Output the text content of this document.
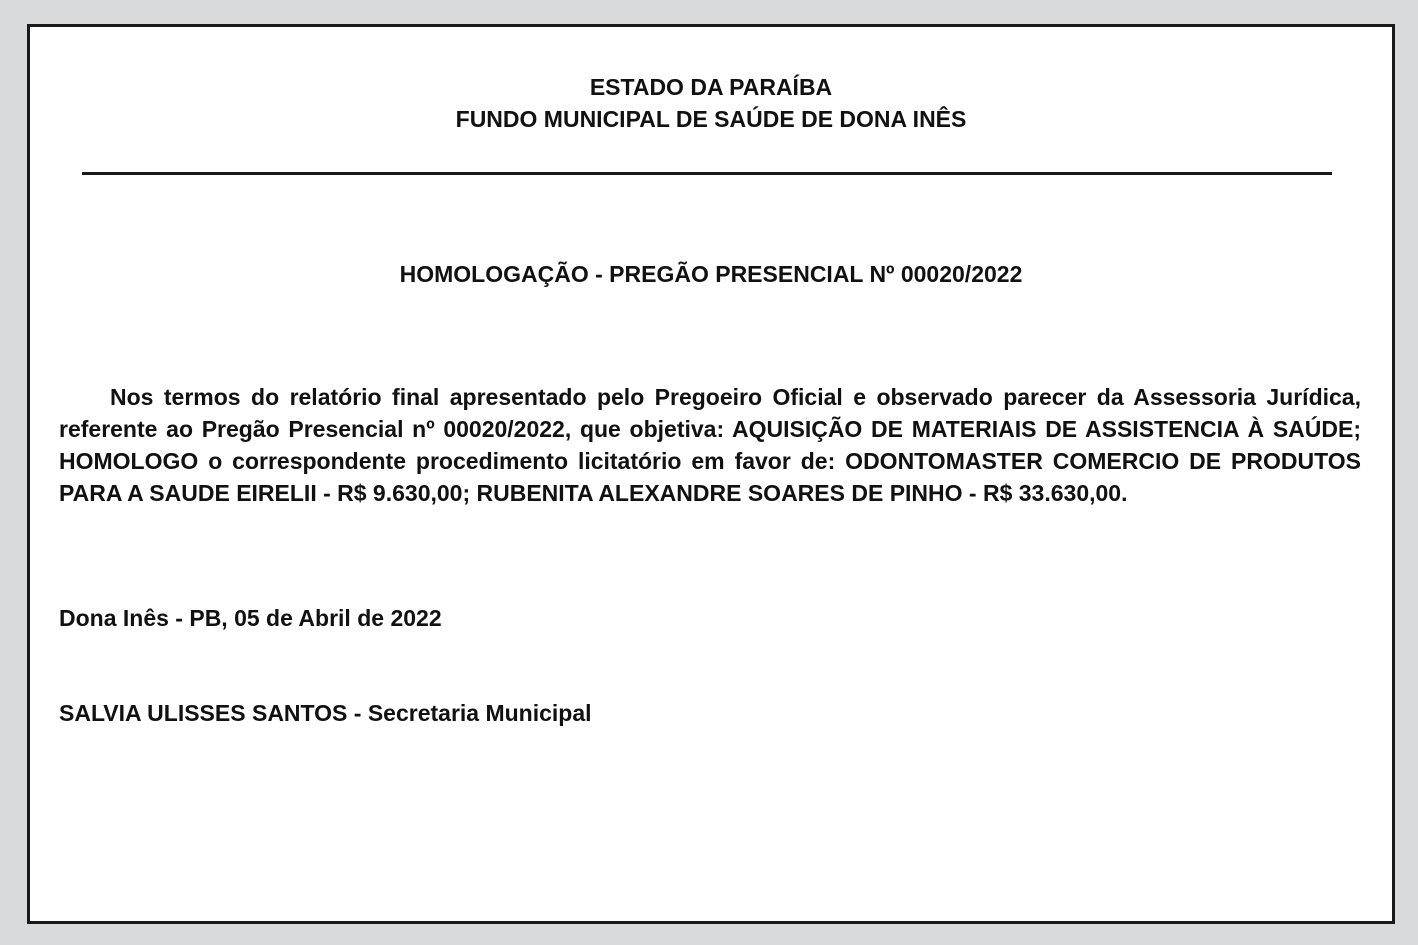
ESTADO DA PARAÍBA
FUNDO MUNICIPAL DE SAÚDE DE DONA INÊS
HOMOLOGAÇÃO - PREGÃO PRESENCIAL Nº 00020/2022

Nos termos do relatório final apresentado pelo Pregoeiro Oficial e observado parecer da Assessoria Jurídica, referente ao Pregão Presencial nº 00020/2022, que objetiva: AQUISIÇÃO DE MATERIAIS DE ASSISTENCIA À SAÚDE; HOMOLOGO o correspondente procedimento licitatório em favor de: ODONTOMASTER COMERCIO DE PRODUTOS PARA A SAUDE EIRELII - R$ 9.630,00; RUBENITA ALEXANDRE SOARES DE PINHO - R$ 33.630,00.

Dona Inês - PB, 05 de Abril de 2022
SALVIA ULISSES SANTOS - Secretaria Municipal
